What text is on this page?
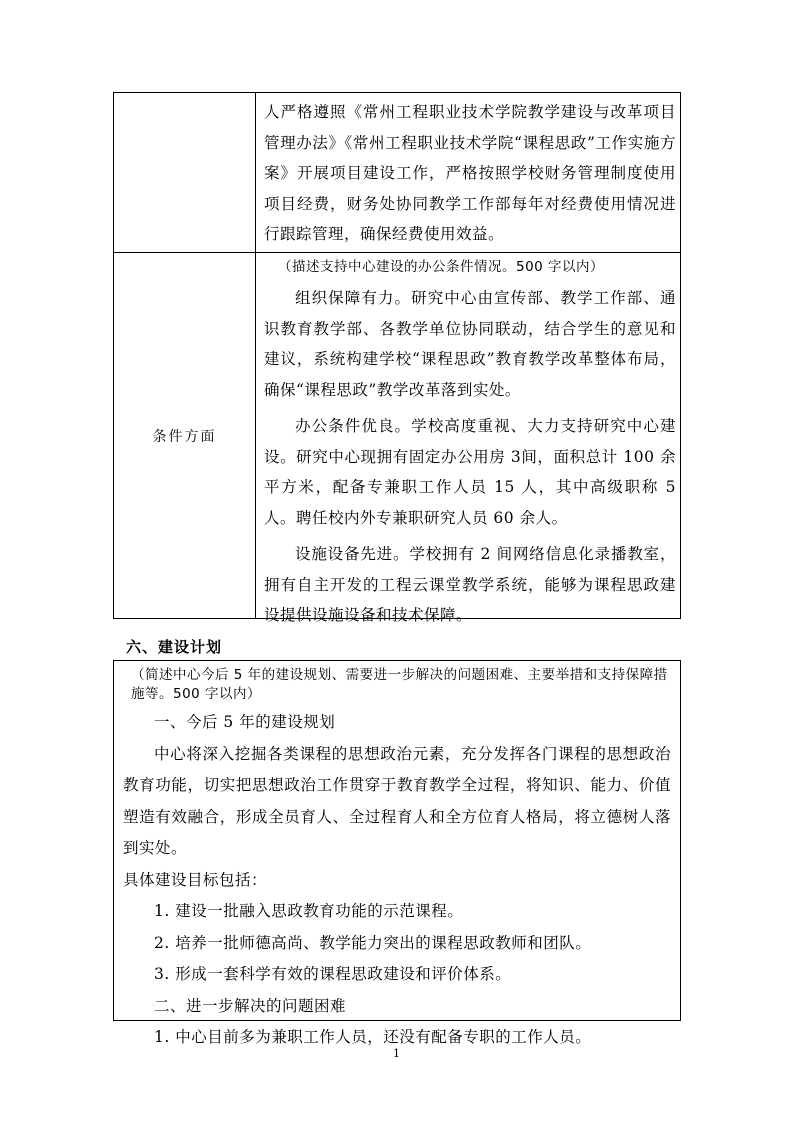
人严格遵照《常州工程职业技术学院教学建设与改革项目管理办法》《常州工程职业技术学院“课程思政”工作实施方案》开展项目建设工作，严格按照学校财务管理制度使用项目经费，财务处协同教学工作部每年对经费使用情况进行跟踪管理，确保经费使用效益。

条件方面

（描述支持中心建设的办公条件情况。500 字以内）

组织保障有力。研究中心由宣传部、教学工作部、通识教育教学部、各教学单位协同联动，结合学生的意见和建议，系统构建学校“课程思政”教育教学改革整体布局，确保“课程思政”教学改革落到实处。

办公条件优良。学校高度重视、大力支持研究中心建设。研究中心现拥有固定办公用房 3间，面积总计 100 余平方米，配备专兼职工作人员 15 人，其中高级职称 5 人。聘任校内外专兼职研究人员 60 余人。

设施设备先进。学校拥有 2 间网络信息化录播教室，拥有自主开发的工程云课堂教学系统，能够为课程思政建设提供设施设备和技术保障。

六、建设计划

（简述中心今后 5 年的建设规划、需要进一步解决的问题困难、主要举措和支持保障措施等。500 字以内）

一、今后 5 年的建设规划

中心将深入挖掘各类课程的思想政治元素，充分发挥各门课程的思想政治教育功能，切实把思想政治工作贯穿于教育教学全过程，将知识、能力、价值塑造有效融合，形成全员育人、全过程育人和全方位育人格局，将立德树人落到实处。

具体建设目标包括：

1. 建设一批融入思政教育功能的示范课程。

2. 培养一批师德高尚、教学能力突出的课程思政教师和团队。

3. 形成一套科学有效的课程思政建设和评价体系。

二、进一步解决的问题困难

1. 中心目前多为兼职工作人员，还没有配备专职的工作人员。

1
